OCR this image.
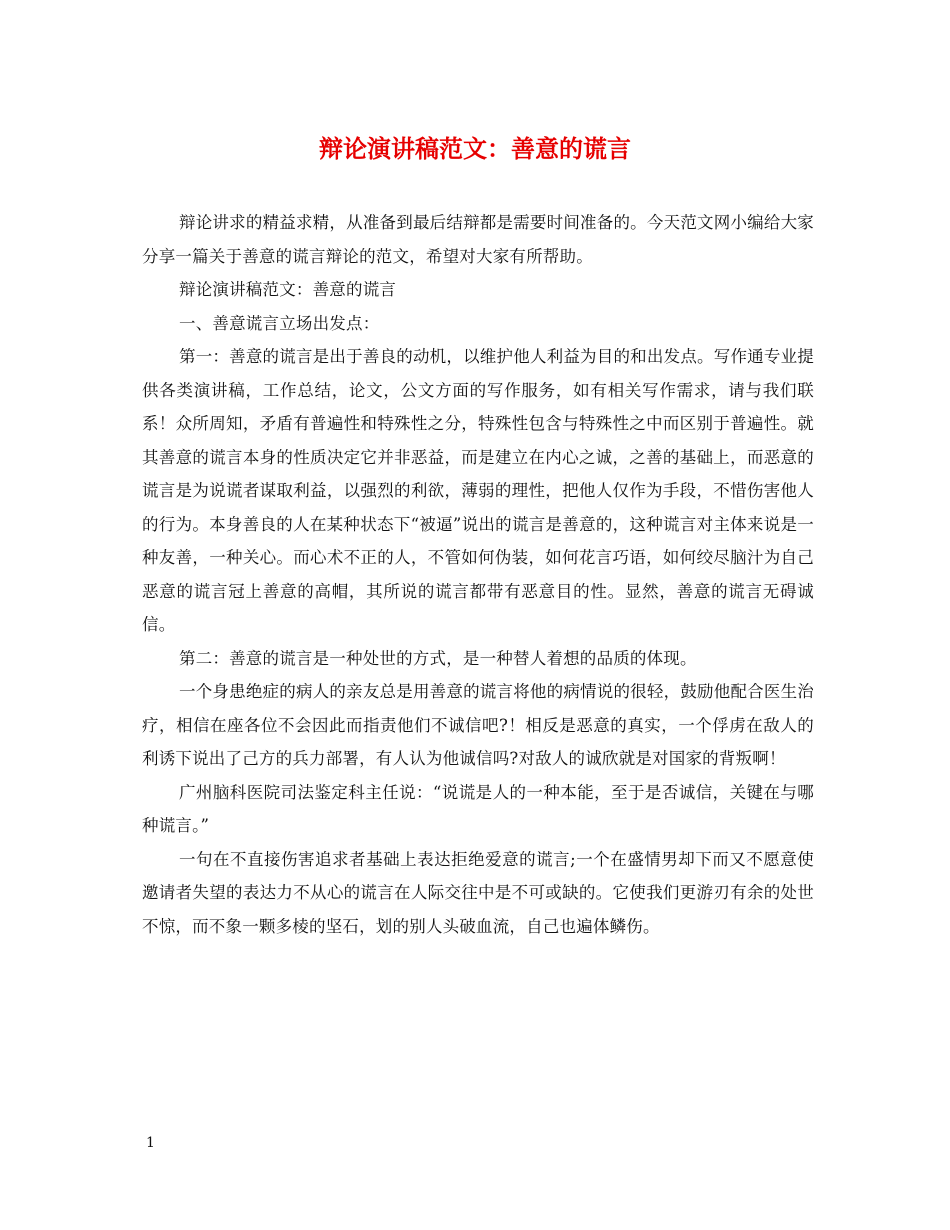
辩论演讲稿范文：善意的谎言

辩论讲求的精益求精，从准备到最后结辩都是需要时间准备的。今天范文网小编给大家分享一篇关于善意的谎言辩论的范文，希望对大家有所帮助。

辩论演讲稿范文：善意的谎言

一、善意谎言立场出发点：

第一：善意的谎言是出于善良的动机，以维护他人利益为目的和出发点。写作通专业提供各类演讲稿，工作总结，论文，公文方面的写作服务，如有相关写作需求，请与我们联系！众所周知，矛盾有普遍性和特殊性之分，特殊性包含与特殊性之中而区别于普遍性。就其善意的谎言本身的性质决定它并非恶益，而是建立在内心之诚，之善的基础上，而恶意的谎言是为说谎者谋取利益，以强烈的利欲，薄弱的理性，把他人仅作为手段，不惜伤害他人的行为。本身善良的人在某种状态下“被逼”说出的谎言是善意的，这种谎言对主体来说是一种友善，一种关心。而心术不正的人，不管如何伪装，如何花言巧语，如何绞尽脑汁为自己恶意的谎言冠上善意的高帽，其所说的谎言都带有恶意目的性。显然，善意的谎言无碍诚信。

第二：善意的谎言是一种处世的方式，是一种替人着想的品质的体现。

一个身患绝症的病人的亲友总是用善意的谎言将他的病情说的很轻，鼓励他配合医生治疗，相信在座各位不会因此而指责他们不诚信吧?！相反是恶意的真实，一个俘虏在敌人的利诱下说出了己方的兵力部署，有人认为他诚信吗?对敌人的诚欣就是对国家的背叛啊！

广州脑科医院司法鉴定科主任说：“说谎是人的一种本能，至于是否诚信，关键在与哪种谎言。”

一句在不直接伤害追求者基础上表达拒绝爱意的谎言;一个在盛情男却下而又不愿意使邀请者失望的表达力不从心的谎言在人际交往中是不可或缺的。它使我们更游刃有余的处世不惊，而不象一颗多棱的坚石，划的别人头破血流，自己也遍体鳞伤。

1
